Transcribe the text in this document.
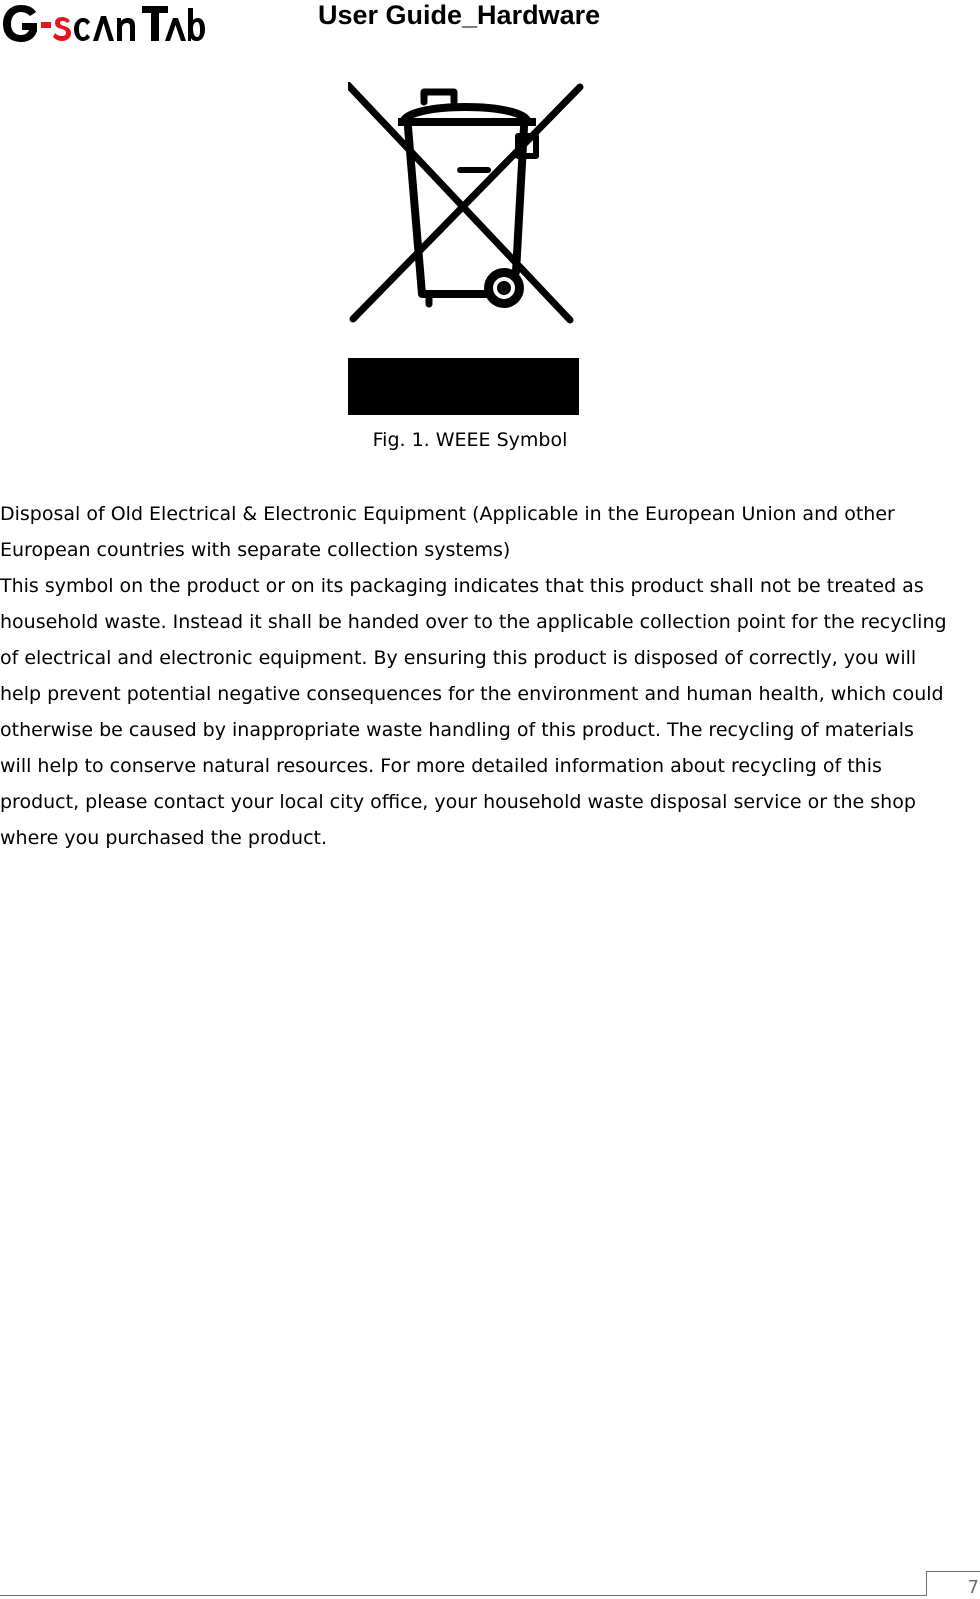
User Guide_Hardware
Fig. 1. WEEE Symbol

Disposal of Old Electrical & Electronic Equipment (Applicable in the European Union and other European countries with separate collection systems)

This symbol on the product or on its packaging indicates that this product shall not be treated as household waste. Instead it shall be handed over to the applicable collection point for the recycling of electrical and electronic equipment. By ensuring this product is disposed of correctly, you will help prevent potential negative consequences for the environment and human health, which could otherwise be caused by inappropriate waste handling of this product. The recycling of materials will help to conserve natural resources. For more detailed information about recycling of this product, please contact your local city office, your household waste disposal service or the shop where you purchased the product.

7
